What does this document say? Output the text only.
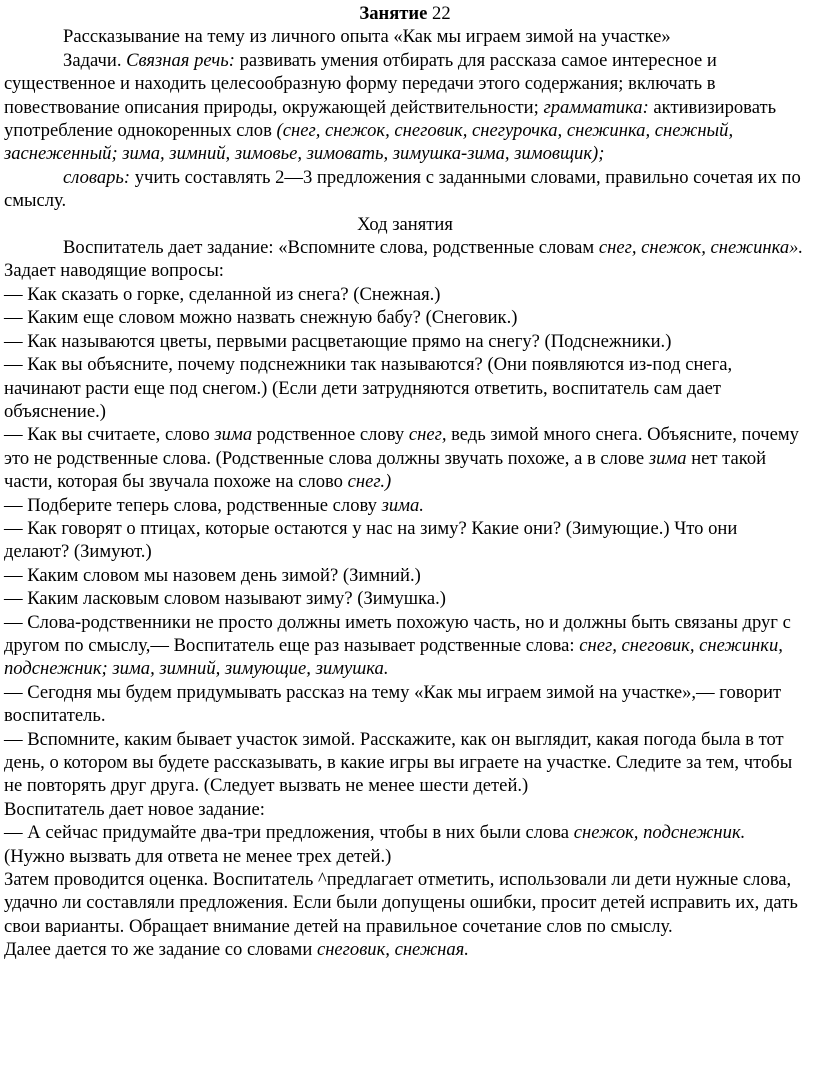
Занятие 22

Рассказывание на тему из личного опыта «Как мы играем зимой на участке»

Задачи. Связная речь: развивать умения отбирать для рассказа самое интересное и существенное и находить целесообразную форму передачи этого содержания; включать в повествование описания природы, окружающей действительности; грамматика: активизировать употребление однокоренных слов (снег, снежок, снеговик, снегурочка, снежинка, снежный, заснеженный; зима, зимний, зимовье, зимовать, зимушка-зима, зимовщик);

словарь: учить составлять 2—3 предложения с заданными словами, правильно сочетая их по смыслу.

Ход занятия

Воспитатель дает задание: «Вспомните слова, родственные словам снег, снежок, снежинка». Задает наводящие вопросы:

— Как сказать о горке, сделанной из снега? (Снежная.)

— Каким еще словом можно назвать снежную бабу? (Снеговик.)

— Как называются цветы, первыми расцветающие прямо на снегу? (Подснежники.)

— Как вы объясните, почему подснежники так называются? (Они появляются из-под снега, начинают расти еще под снегом.) (Если дети затрудняются ответить, воспитатель сам дает объяснение.)

— Как вы считаете, слово зима родственное слову снег, ведь зимой много снега. Объясните, почему это не родственные слова. (Родственные слова должны звучать похоже, а в слове зима нет такой части, которая бы звучала похоже на слово снег.)

— Подберите теперь слова, родственные слову зима.

— Как говорят о птицах, которые остаются у нас на зиму? Какие они? (Зимующие.) Что они делают? (Зимуют.)

— Каким словом мы назовем день зимой? (Зимний.)

— Каким ласковым словом называют зиму? (Зимушка.)

— Слова-родственники не просто должны иметь похожую часть, но и должны быть связаны друг с другом по смыслу,— Воспитатель еще раз называет родственные слова: снег, снеговик, снежинки, подснежник; зима, зимний, зимующие, зимушка.

— Сегодня мы будем придумывать рассказ на тему «Как мы играем зимой на участке»,— говорит воспитатель.

— Вспомните, каким бывает участок зимой. Расскажите, как он выглядит, какая погода была в тот день, о котором вы будете рассказывать, в какие игры вы играете на участке. Следите за тем, чтобы не повторять друг друга. (Следует вызвать не менее шести детей.)

Воспитатель дает новое задание:

— А сейчас придумайте два-три предложения, чтобы в них были слова снежок, подснежник. (Нужно вызвать для ответа не менее трех детей.)

Затем проводится оценка. Воспитатель ^предлагает отметить, использовали ли дети нужные слова, удачно ли составляли предложения. Если были допущены ошибки, просит детей исправить их, дать свои варианты. Обращает внимание детей на правильное сочетание слов по смыслу.

Далее дается то же задание со словами снеговик, снежная.
